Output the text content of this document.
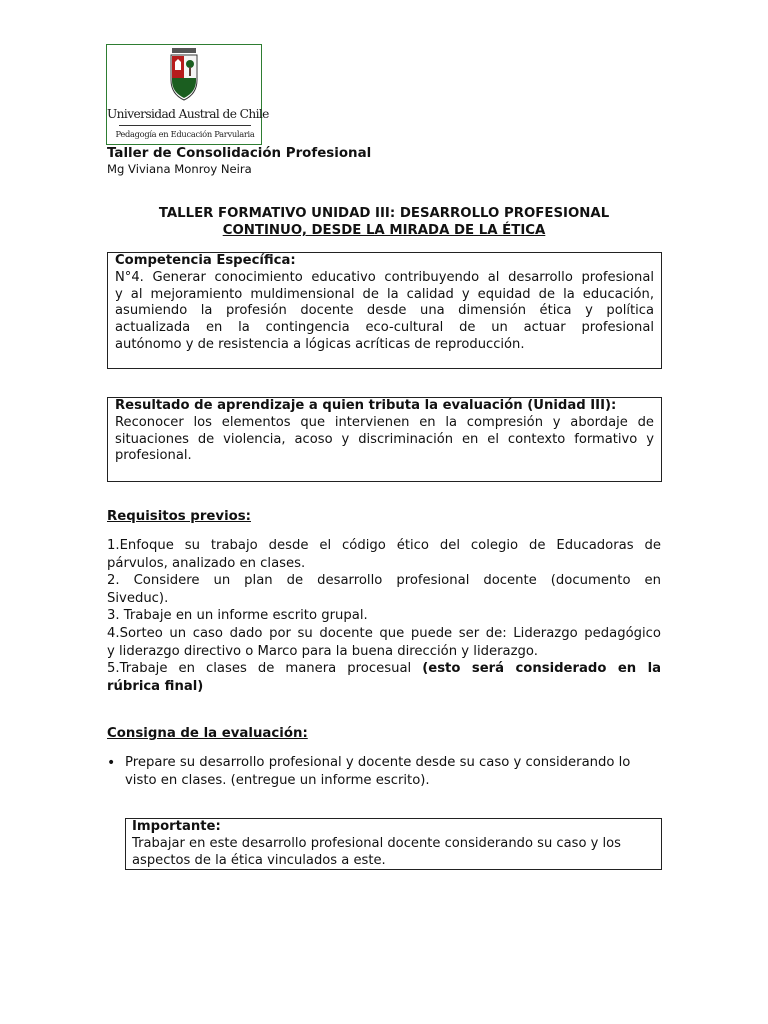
Universidad Austral de Chile
Pedagogía en Educación Parvularia
Taller de Consolidación Profesional
Mg Viviana Monroy Neira
TALLER FORMATIVO UNIDAD III: DESARROLLO PROFESIONAL
CONTINUO, DESDE LA MIRADA DE LA ÉTICA
Competencia Específica:
N°4. Generar conocimiento educativo contribuyendo al desarrollo profesional
y al mejoramiento muldimensional de la calidad y equidad de la educación,
asumiendo la profesión docente desde una dimensión ética y política
actualizada en la contingencia eco-cultural de un actuar profesional
autónomo y de resistencia a lógicas acríticas de reproducción.
Resultado de aprendizaje a quien tributa la evaluación (Unidad III):
Reconocer los elementos que intervienen en la compresión y abordaje de
situaciones de violencia, acoso y discriminación en el contexto formativo y
profesional.
Requisitos previos:
1.Enfoque su trabajo desde el código ético del colegio de Educadoras de
párvulos, analizado en clases.
2. Considere un plan de desarrollo profesional docente (documento en
Siveduc).
3. Trabaje en un informe escrito grupal.
4.Sorteo un caso dado por su docente que puede ser de: Liderazgo pedagógico
y liderazgo directivo o Marco para la buena dirección y liderazgo.
5.Trabaje en clases de manera procesual (esto será considerado en la
rúbrica final)
Consigna de la evaluación:
• Prepare su desarrollo profesional y docente desde su caso y considerando lo
visto en clases. (entregue un informe escrito).
Importante:
Trabajar en este desarrollo profesional docente considerando su caso y los
aspectos de la ética vinculados a este.
